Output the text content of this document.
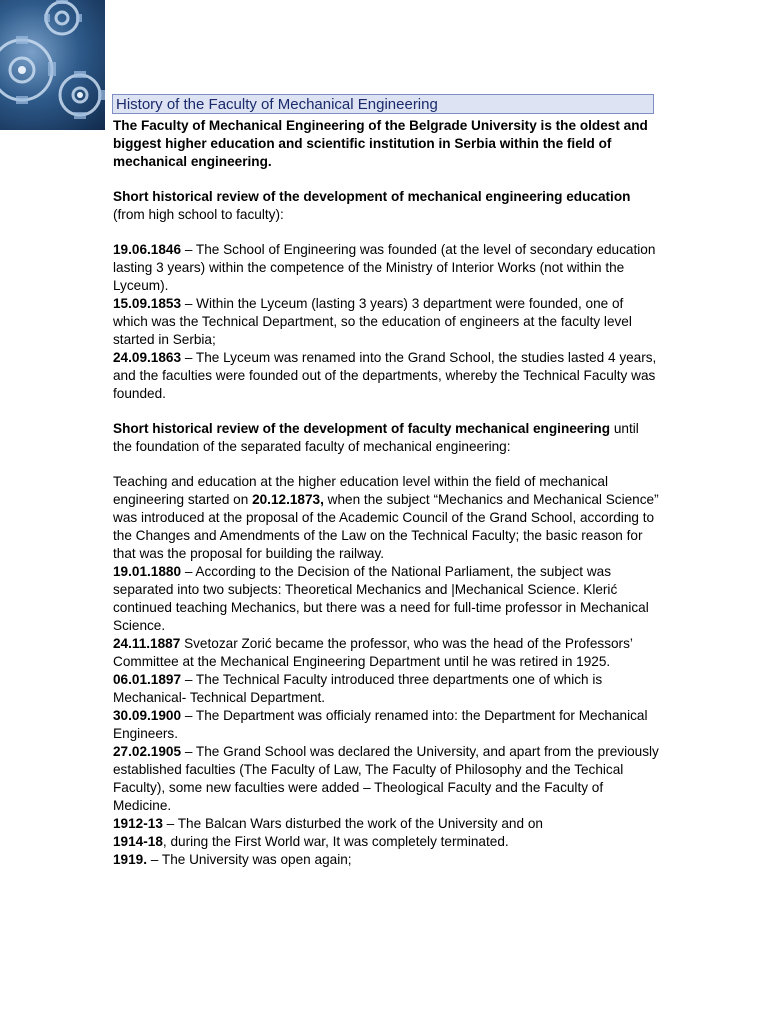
History of the Faculty of Mechanical Engineering

The Faculty of Mechanical Engineering of the Belgrade University is the oldest and biggest higher education and scientific institution in Serbia within the field of mechanical engineering.

Short historical review of the development of mechanical engineering education (from high school to faculty):

19.06.1846 – The School of Engineering was founded (at the level of secondary education lasting 3 years) within the competence of the Ministry of Interior Works (not within the Lyceum).

15.09.1853 – Within the Lyceum (lasting 3 years) 3 department were founded, one of which was the Technical Department, so the education of engineers at the faculty level started in Serbia;

24.09.1863 – The Lyceum was renamed into the Grand School, the studies lasted 4 years, and the faculties were founded out of the departments, whereby the Technical Faculty was founded.

Short historical review of the development of faculty mechanical engineering until the foundation of the separated faculty of mechanical engineering:

Teaching and education at the higher education level within the field of mechanical engineering started on 20.12.1873, when the subject “Mechanics and Mechanical Science” was introduced at the proposal of the Academic Council of the Grand School, according to the Changes and Amendments of the Law on the Technical Faculty; the basic reason for that was the proposal for building the railway.

19.01.1880 – According to the Decision of the National Parliament, the subject was separated into two subjects: Theoretical Mechanics and |Mechanical Science. Klerić continued teaching Mechanics, but there was a need for full-time professor in Mechanical Science.

24.11.1887 Svetozar Zorić became the professor, who was the head of the Professors’ Committee at the Mechanical Engineering Department until he was retired in 1925.

06.01.1897 – The Technical Faculty introduced three departments one of which is Mechanical- Technical Department.

30.09.1900 – The Department was officialy renamed into: the Department for Mechanical Engineers.

27.02.1905 – The Grand School was declared the University, and apart from the previously established faculties (The Faculty of Law, The Faculty of Philosophy and the Techical Faculty), some new faculties were added – Theological Faculty and the Faculty of Medicine.

1912-13 – The Balcan Wars disturbed the work of the University and on

1914-18, during the First World war, It was completely terminated.

1919. – The University was open again;
